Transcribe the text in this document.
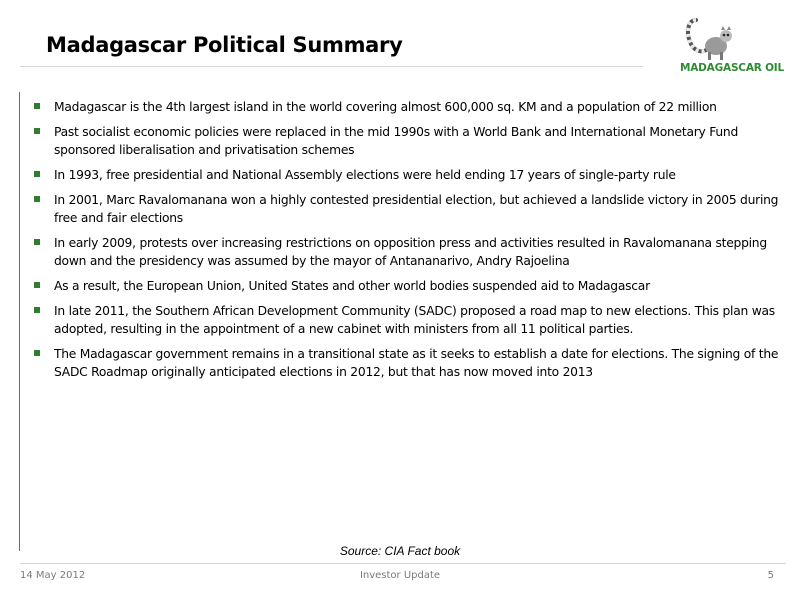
Madagascar Political Summary
MADAGASCAR OIL
Madagascar is the 4th largest island in the world covering almost 600,000 sq. KM and a population of 22 million
Past socialist economic policies were replaced in the mid 1990s with a World Bank and International Monetary Fund sponsored liberalisation and privatisation schemes
In 1993, free presidential and National Assembly elections were held ending 17 years of single-party rule
In 2001, Marc Ravalomanana won a highly contested presidential election, but achieved a landslide victory in 2005 during free and fair elections
In early 2009, protests over increasing restrictions on opposition press and activities resulted in Ravalomanana stepping down and the presidency was assumed by the mayor of Antananarivo, Andry Rajoelina
As a result, the European Union, United States and other world bodies suspended aid to Madagascar
In late 2011, the Southern African Development Community (SADC) proposed a road map to new elections. This plan was adopted, resulting in the appointment of a new cabinet with ministers from all 11 political parties.
The Madagascar government remains in a transitional state as it seeks to establish a date for elections. The signing of the SADC Roadmap originally anticipated elections in 2012, but that has now moved into 2013
Source: CIA Fact book
14 May 2012	Investor Update	5
